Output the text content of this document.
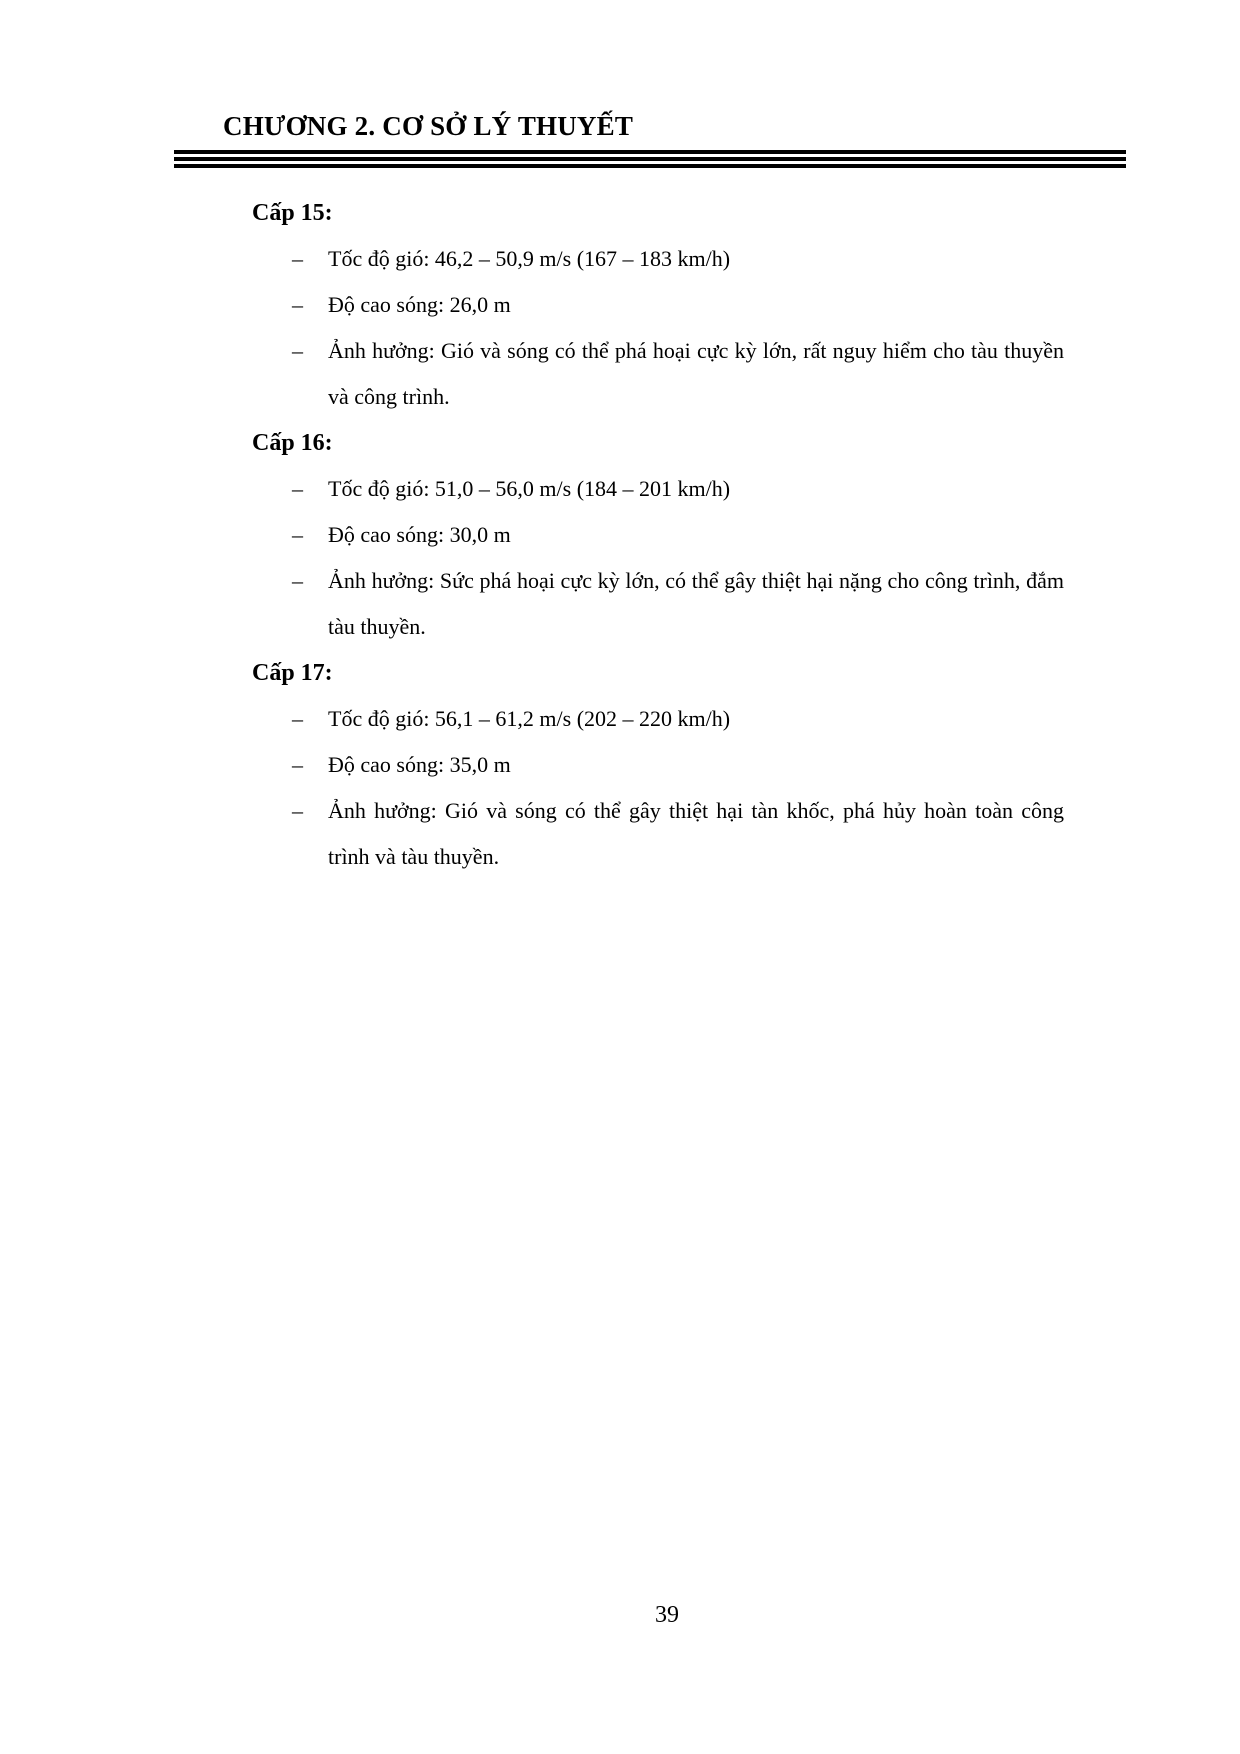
CHƯƠNG 2. CƠ SỞ LÝ THUYẾT
Cấp 15:
– Tốc độ gió: 46,2 – 50,9 m/s (167 – 183 km/h)
– Độ cao sóng: 26,0 m
– Ảnh hưởng: Gió và sóng có thể phá hoại cực kỳ lớn, rất nguy hiểm cho tàu thuyền và công trình.
Cấp 16:
– Tốc độ gió: 51,0 – 56,0 m/s (184 – 201 km/h)
– Độ cao sóng: 30,0 m
– Ảnh hưởng: Sức phá hoại cực kỳ lớn, có thể gây thiệt hại nặng cho công trình, đắm tàu thuyền.
Cấp 17:
– Tốc độ gió: 56,1 – 61,2 m/s (202 – 220 km/h)
– Độ cao sóng: 35,0 m
– Ảnh hưởng: Gió và sóng có thể gây thiệt hại tàn khốc, phá hủy hoàn toàn công trình và tàu thuyền.
39
